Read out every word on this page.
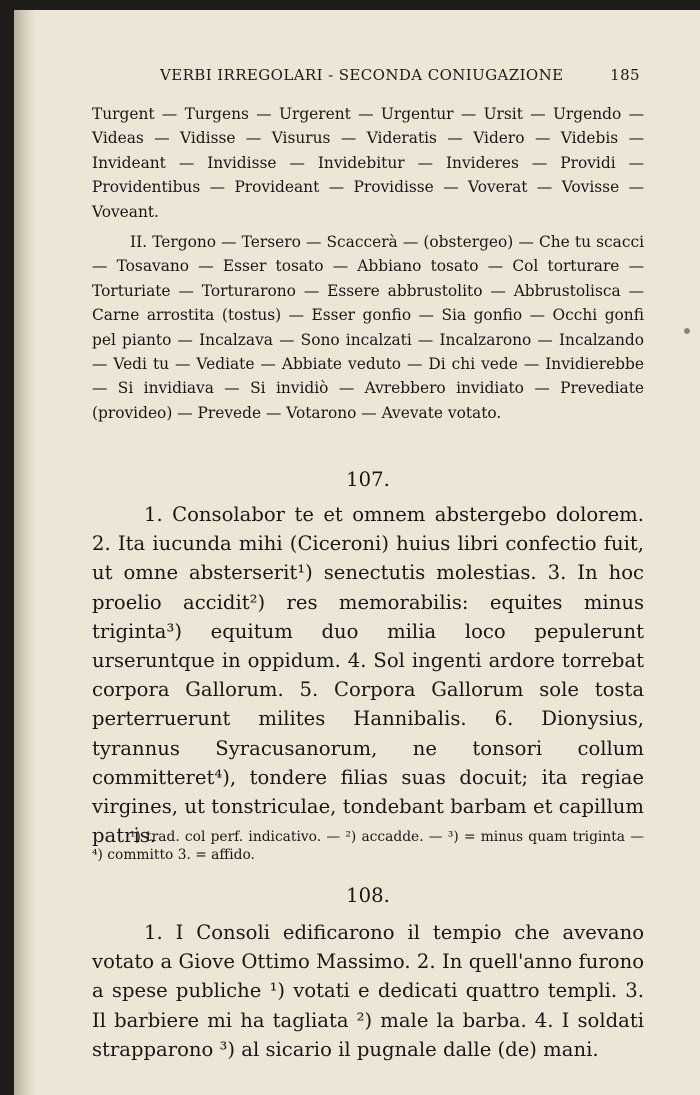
VERBI IRREGOLARI - SECONDA CONIUGAZIONE	185

Turgent — Turgens — Urgerent — Urgentur — Ursit — Urgendo — Videas — Vidisse — Visurus — Videratis — Videro — Videbis — Invideant — Invidisse — Invidebitur — Invideres — Providi — Providentibus — Provideant — Providisse — Voverat — Vovisse — Voveant.

II. Tergono — Tersero — Scaccerà — (obstergeo) — Che tu scacci — Tosavano — Esser tosato — Abbiano tosato — Col torturare — Torturiate — Torturarono — Essere abbrustolito — Abbrustolisca — Carne arrostita (tostus) — Esser gonfio — Sia gonfio — Occhi gonfi pel pianto — Incalzava — Sono incalzati — Incalzarono — Incalzando — Vedi tu — Vediate — Abbiate veduto — Di chi vede — Invidierebbe — Si invidiava — Si invidiò — Avrebbero invidiato — Prevediate (provideo) — Prevede — Votarono — Avevate votato.

107.

1. Consolabor te et omnem abstergebo dolorem. 2. Ita iucunda mihi (Ciceroni) huius libri confectio fuit, ut omne absterserit¹) senectutis molestias. 3. In hoc proelio accidit²) res memorabilis: equites minus triginta³) equitum duo milia loco pepulerunt urseruntque in oppidum. 4. Sol ingenti ardore torrebat corpora Gallorum. 5. Corpora Gallorum sole tosta perterruerunt milites Hannibalis. 6. Dionysius, tyrannus Syracusanorum, ne tonsori collum committeret⁴), tondere filias suas docuit; ita regiae virgines, ut tonstriculae, tondebant barbam et capillum patris.

¹) trad. col perf. indicativo. — ²) accadde. — ³) = minus quam triginta — ⁴) committo 3. = affido.

108.

1. I Consoli edificarono il tempio che avevano votato a Giove Ottimo Massimo. 2. In quell'anno furono a spese publiche ¹) votati e dedicati quattro templi. 3. Il barbiere mi ha tagliata ²) male la barba. 4. I soldati strapparono ³) al sicario il pugnale dalle (de) mani.
